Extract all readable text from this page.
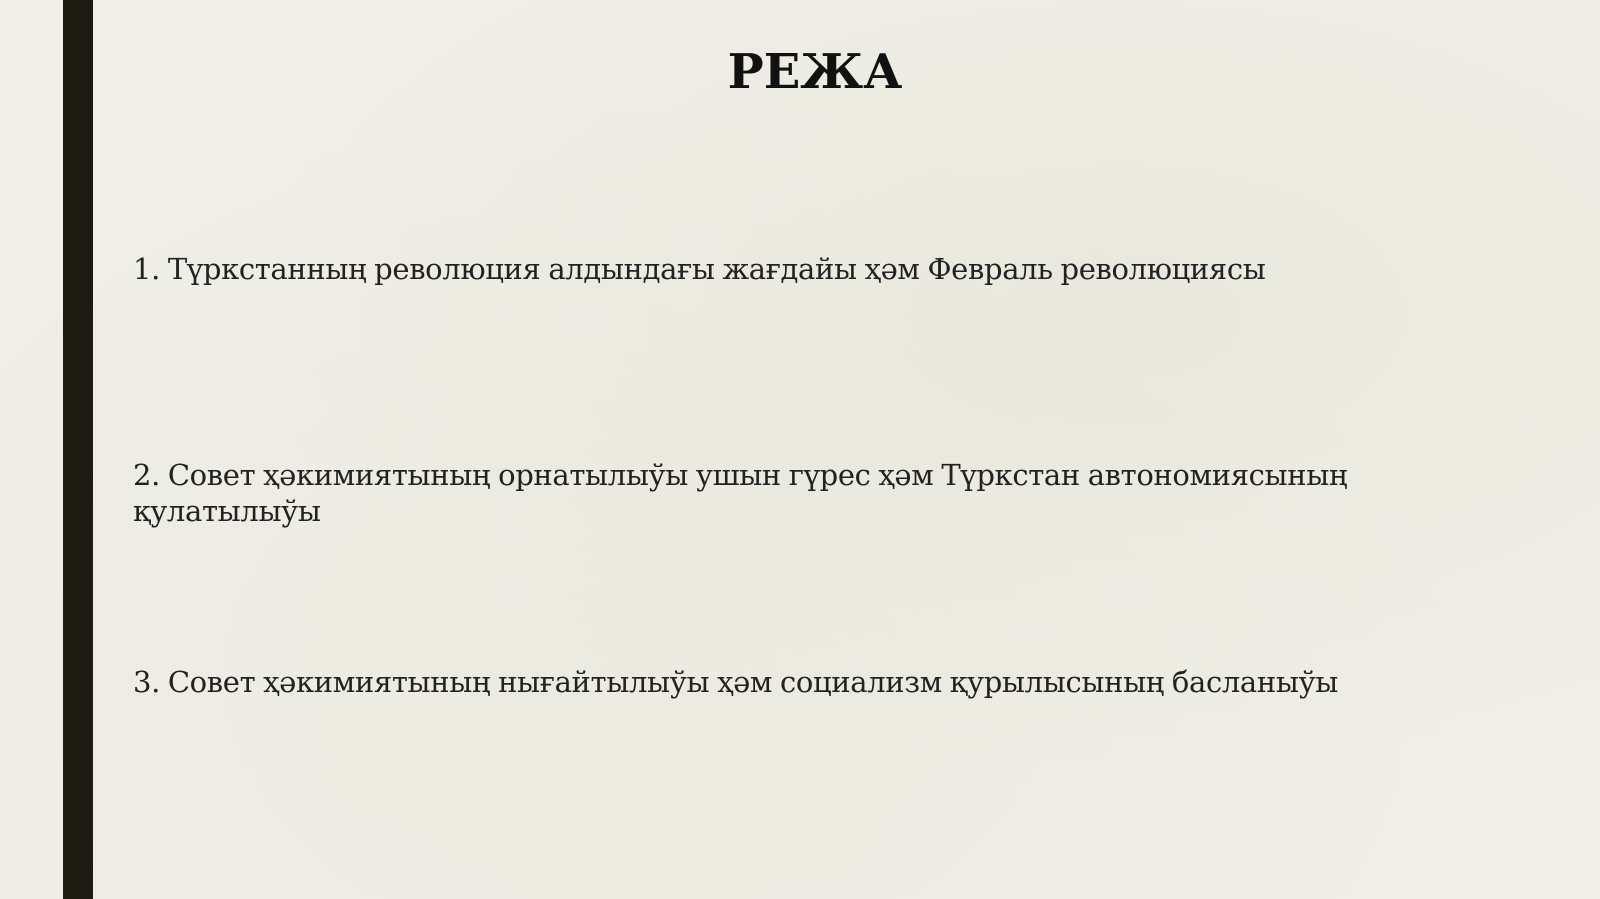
РЕЖА
1. Түркстанның революция алдындағы жағдайы ҳәм Февраль революциясы
2. Совет ҳәкимиятының орнатылыўы ушын гүрес ҳәм Түркстан автономиясының қулатылыўы
3. Совет ҳәкимиятының нығайтылыўы ҳәм социализм қурылысының басланыўы
